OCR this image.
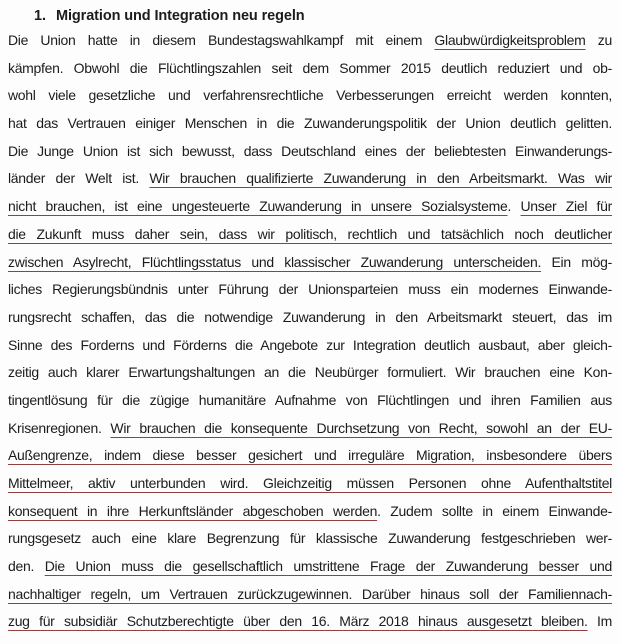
1. Migration und Integration neu regeln
Die Union hatte in diesem Bundestagswahlkampf mit einem Glaubwürdigkeitsproblem zu
kämpfen. Obwohl die Flüchtlingszahlen seit dem Sommer 2015 deutlich reduziert und ob-
wohl viele gesetzliche und verfahrensrechtliche Verbesserungen erreicht werden konnten,
hat das Vertrauen einiger Menschen in die Zuwanderungspolitik der Union deutlich gelitten.
Die Junge Union ist sich bewusst, dass Deutschland eines der beliebtesten Einwanderungs-
länder der Welt ist. Wir brauchen qualifizierte Zuwanderung in den Arbeitsmarkt. Was wir
nicht brauchen, ist eine ungesteuerte Zuwanderung in unsere Sozialsysteme. Unser Ziel für
die Zukunft muss daher sein, dass wir politisch, rechtlich und tatsächlich noch deutlicher
zwischen Asylrecht, Flüchtlingsstatus und klassischer Zuwanderung unterscheiden. Ein mög-
liches Regierungsbündnis unter Führung der Unionsparteien muss ein modernes Einwande-
rungsrecht schaffen, das die notwendige Zuwanderung in den Arbeitsmarkt steuert, das im
Sinne des Forderns und Förderns die Angebote zur Integration deutlich ausbaut, aber gleich-
zeitig auch klarer Erwartungshaltungen an die Neubürger formuliert. Wir brauchen eine Kon-
tingentlösung für die zügige humanitäre Aufnahme von Flüchtlingen und ihren Familien aus
Krisenregionen. Wir brauchen die konsequente Durchsetzung von Recht, sowohl an der EU-
Außengrenze, indem diese besser gesichert und irreguläre Migration, insbesondere übers
Mittelmeer, aktiv unterbunden wird. Gleichzeitig müssen Personen ohne Aufenthaltstitel
konsequent in ihre Herkunftsländer abgeschoben werden. Zudem sollte in einem Einwande-
rungsgesetz auch eine klare Begrenzung für klassische Zuwanderung festgeschrieben wer-
den. Die Union muss die gesellschaftlich umstrittene Frage der Zuwanderung besser und
nachhaltiger regeln, um Vertrauen zurückzugewinnen. Darüber hinaus soll der Familiennach-
zug für subsidiär Schutzberechtigte über den 16. März 2018 hinaus ausgesetzt bleiben. Im
